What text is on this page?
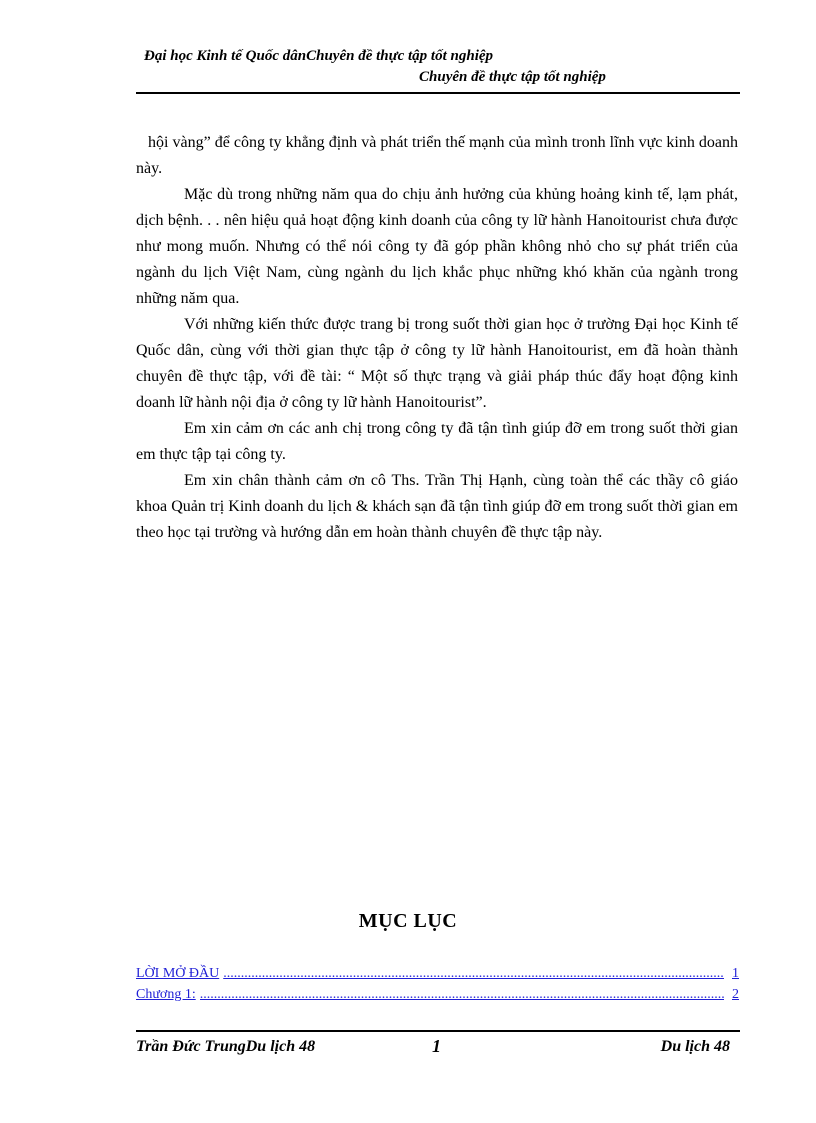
Đại học Kinh tế Quốc dânChuyên đề thực tập tốt nghiệp
Chuyên đề thực tập tốt nghiệp

hội vàng” để công ty khẳng định và phát triển thế mạnh của mình tronh lĩnh vực kinh doanh này.

Mặc dù trong những năm qua do chịu ảnh hưởng của khủng hoảng kinh tế, lạm phát, dịch bệnh. . . nên hiệu quả hoạt động kinh doanh của công ty lữ hành Hanoitourist chưa được như mong muốn. Nhưng có thể nói công ty đã góp phần không nhỏ cho sự phát triển của ngành du lịch Việt Nam, cùng ngành du lịch khắc phục những khó khăn của ngành trong những năm qua.

Với những kiến thức được trang bị trong suốt thời gian học ở trường Đại học Kinh tế Quốc dân, cùng với thời gian thực tập ở công ty lữ hành Hanoitourist, em đã hoàn thành chuyên đề thực tập, với đề tài: “ Một số thực trạng và giải pháp thúc đẩy hoạt động kinh doanh lữ hành nội địa ở công ty lữ hành Hanoitourist”.

Em xin cảm ơn các anh chị trong công ty đã tận tình giúp đỡ em trong suốt thời gian em thực tập tại công ty.

Em xin chân thành cảm ơn cô Ths. Trần Thị Hạnh, cùng toàn thể các thầy cô giáo khoa Quản trị Kinh doanh du lịch & khách sạn đã tận tình giúp đỡ em trong suốt thời gian em theo học tại trường và hướng dẫn em hoàn thành chuyên đề thực tập này.

MỤC LỤC
LỜI MỞ ĐẦU .....	1
Chương 1: .....	2
Trần Đức TrungDu lịch 48	1	Du lịch 48
